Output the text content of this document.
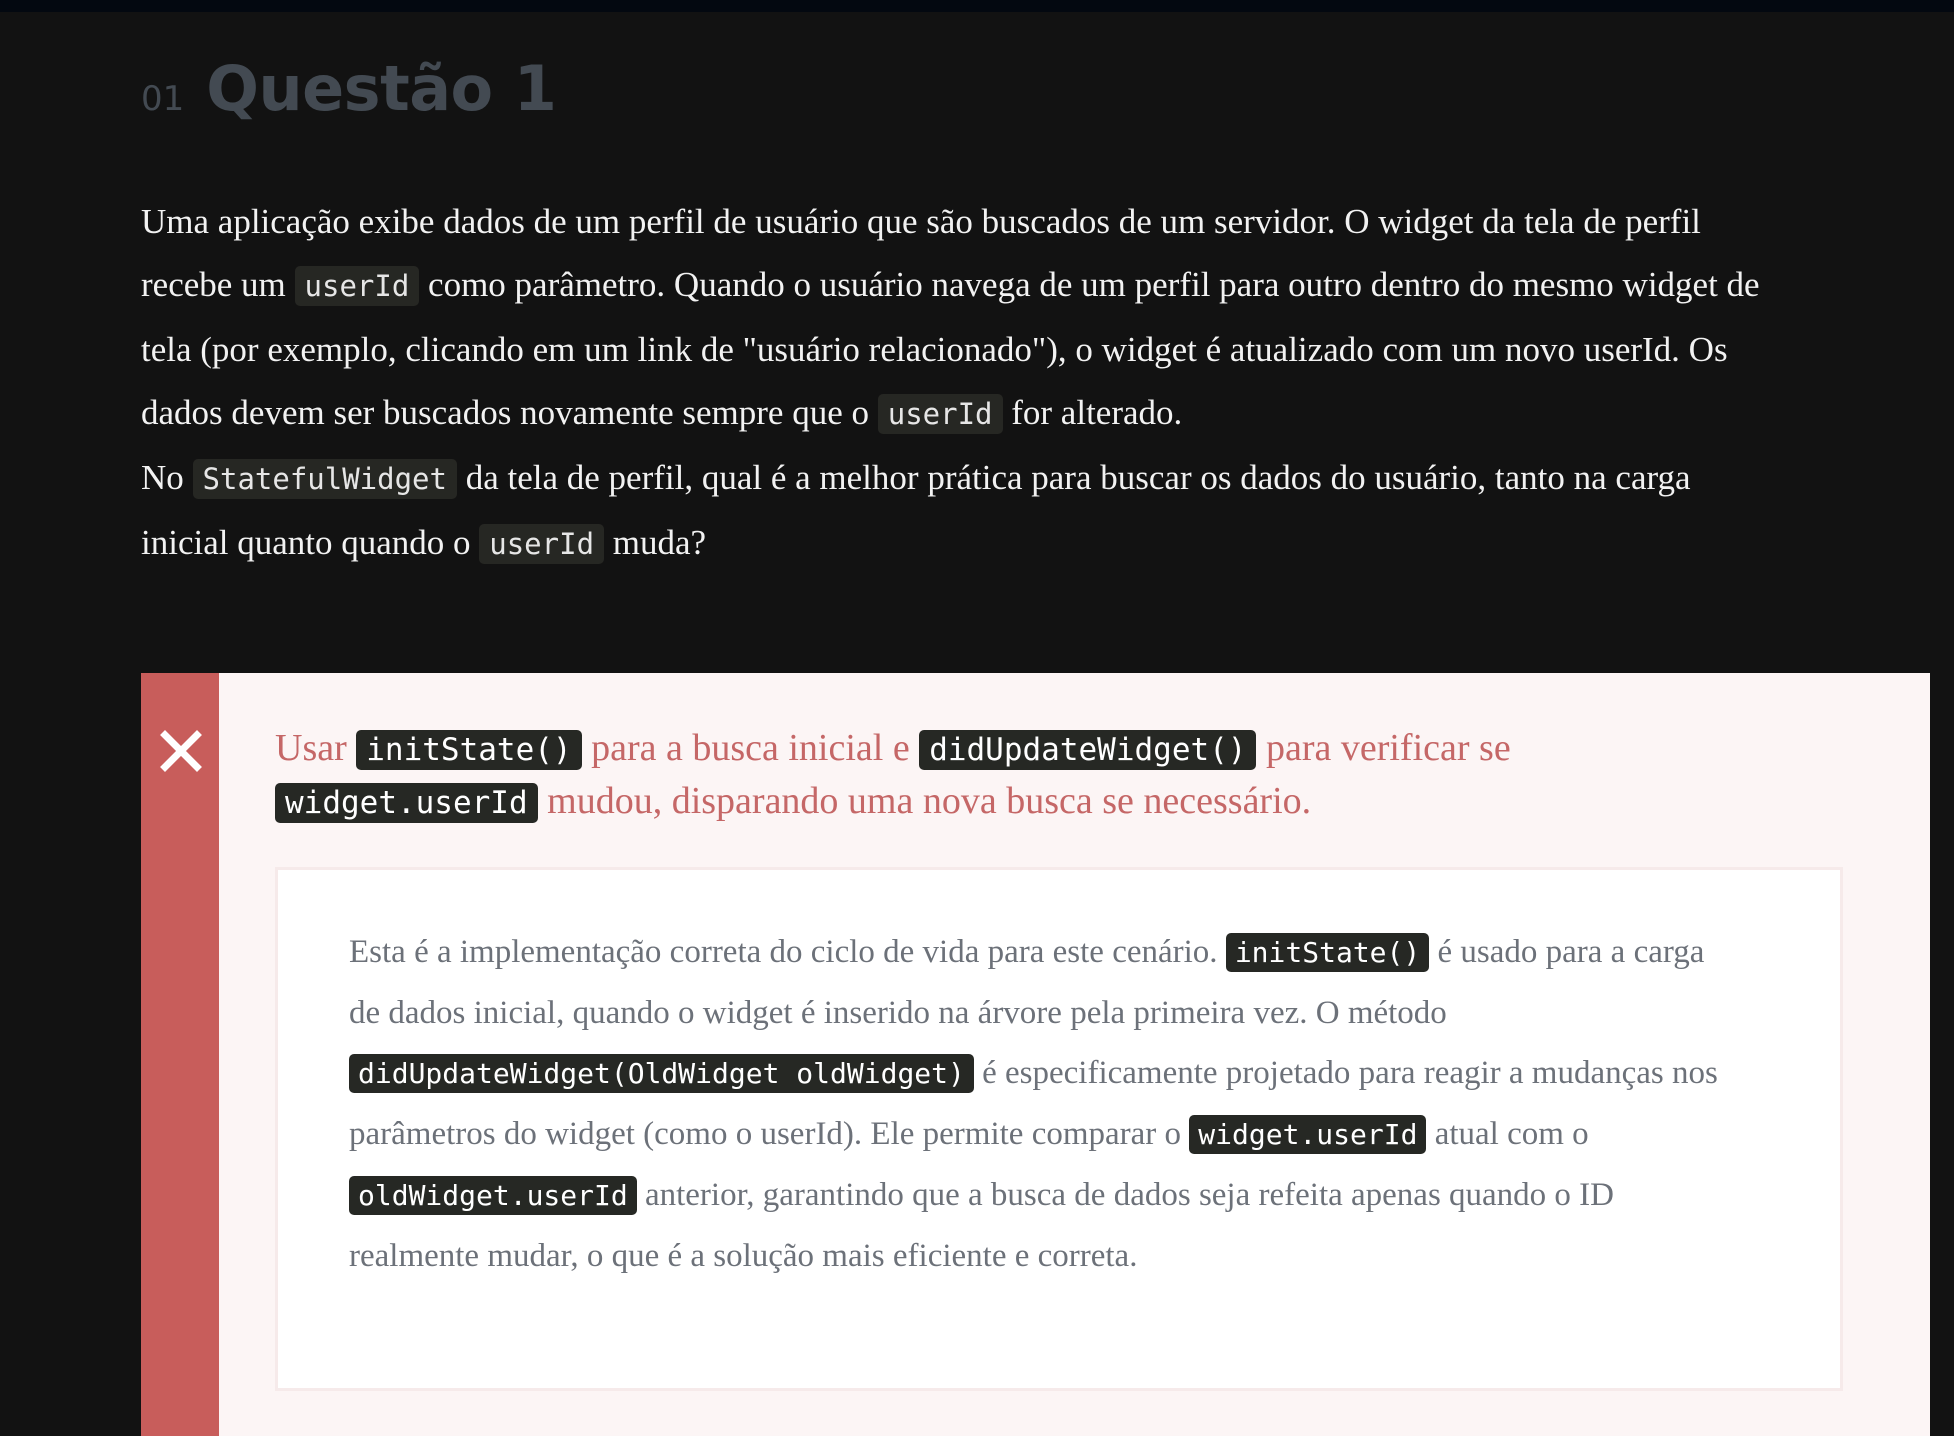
01 Questão 1

Uma aplicação exibe dados de um perfil de usuário que são buscados de um servidor. O widget da tela de perfil recebe um userId como parâmetro. Quando o usuário navega de um perfil para outro dentro do mesmo widget de tela (por exemplo, clicando em um link de "usuário relacionado"), o widget é atualizado com um novo userId. Os dados devem ser buscados novamente sempre que o userId for alterado.

No StatefulWidget da tela de perfil, qual é a melhor prática para buscar os dados do usuário, tanto na carga inicial quanto quando o userId muda?

Usar initState() para a busca inicial e didUpdateWidget() para verificar se widget.userId mudou, disparando uma nova busca se necessário.
Esta é a implementação correta do ciclo de vida para este cenário. initState() é usado para a carga de dados inicial, quando o widget é inserido na árvore pela primeira vez. O método didUpdateWidget(OldWidget oldWidget) é especificamente projetado para reagir a mudanças nos parâmetros do widget (como o userId). Ele permite comparar o widget.userId atual com o oldWidget.userId anterior, garantindo que a busca de dados seja refeita apenas quando o ID realmente mudar, o que é a solução mais eficiente e correta.
